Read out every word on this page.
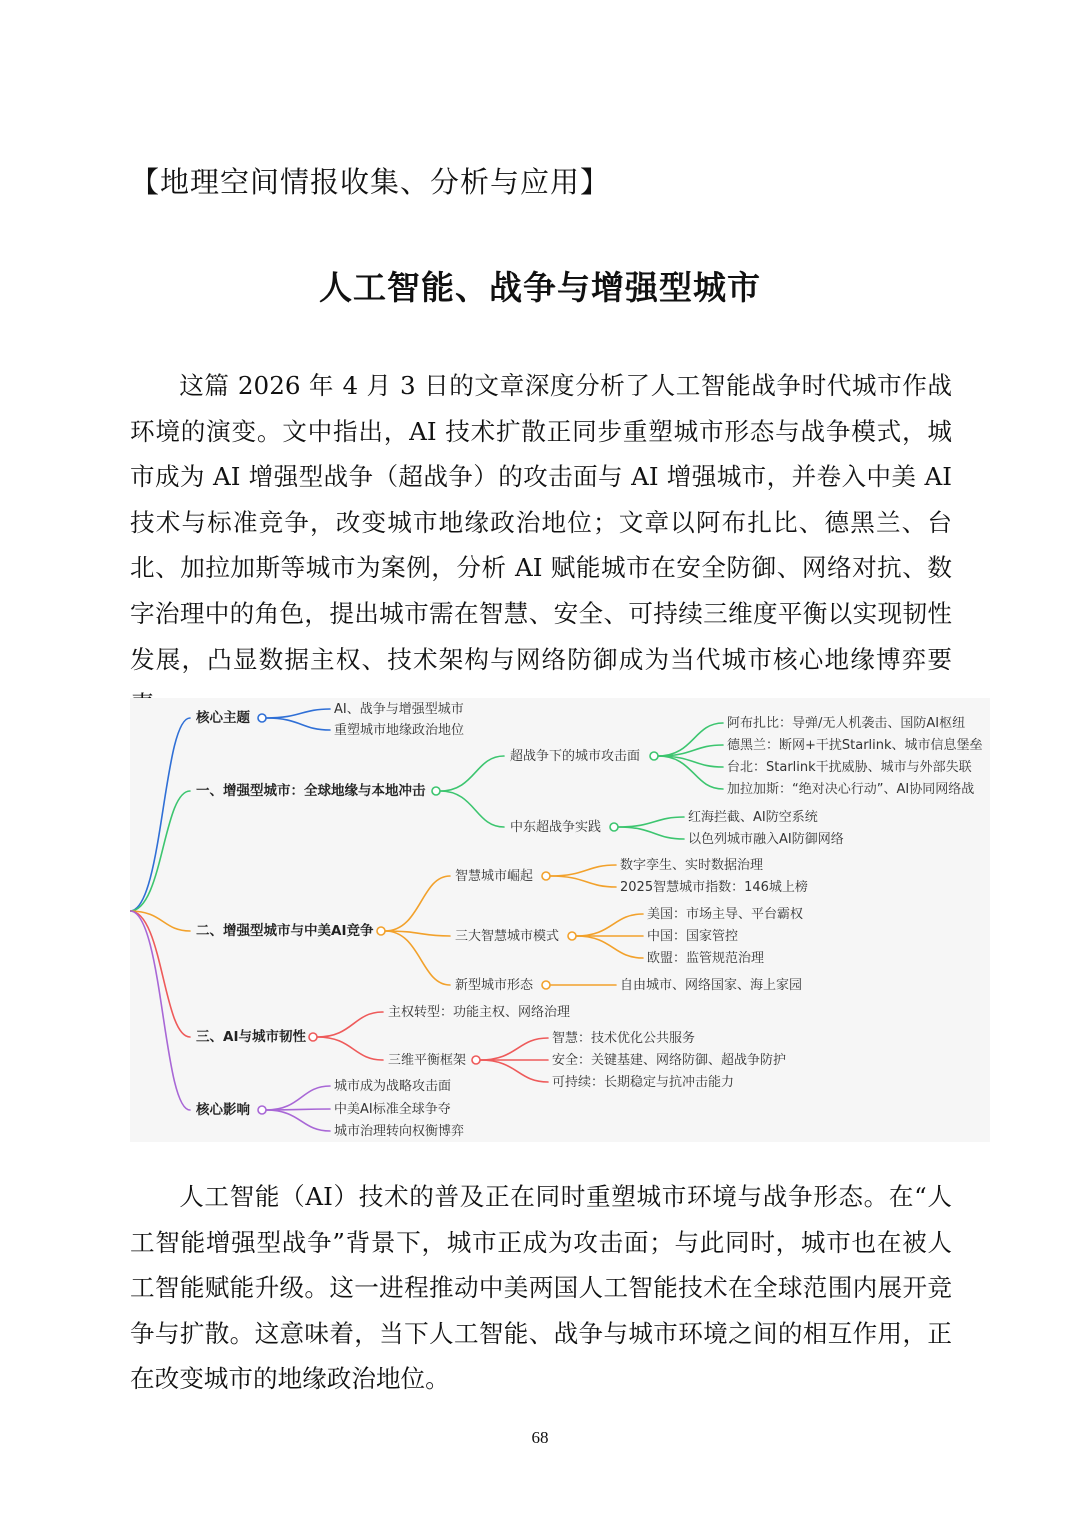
【地理空间情报收集、分析与应用】
人工智能、战争与增强型城市

这篇 2026 年 4 月 3 日的文章深度分析了人工智能战争时代城市作战环境的演变。文中指出，AI 技术扩散正同步重塑城市形态与战争模式，城市成为 AI 增强型战争（超战争）的攻击面与 AI 增强城市，并卷入中美 AI 技术与标准竞争，改变城市地缘政治地位；文章以阿布扎比、德黑兰、台北、加拉加斯等城市为案例，分析 AI 赋能城市在安全防御、网络对抗、数字治理中的角色，提出城市需在智慧、安全、可持续三维度平衡以实现韧性发展，凸显数据主权、技术架构与网络防御成为当代城市核心地缘博弈要

核心主题
AI、战争与增强型城市
重塑城市地缘政治地位
一、增强型城市：全球地缘与本地冲击
超战争下的城市攻击面
阿布扎比：导弹/无人机袭击、国防AI枢纽
德黑兰：断网+干扰Starlink、城市信息堡垒
台北：Starlink干扰威胁、城市与外部失联
加拉加斯：“绝对决心行动”、AI协同网络战
中东超战争实践
红海拦截、AI防空系统
以色列城市融入AI防御网络
二、增强型城市与中美AI竞争
智慧城市崛起
数字孪生、实时数据治理
2025智慧城市指数：146城上榜
三大智慧城市模式
美国：市场主导、平台霸权
中国：国家管控
欧盟：监管规范治理
新型城市形态	自由城市、网络国家、海上家园
三、AI与城市韧性
主权转型：功能主权、网络治理
三维平衡框架
智慧：技术优化公共服务
安全：关键基建、网络防御、超战争防护
可持续：长期稳定与抗冲击能力
核心影响
城市成为战略攻击面
中美AI标准全球争夺
城市治理转向权衡博弈

人工智能（AI）技术的普及正在同时重塑城市环境与战争形态。在“人工智能增强型战争”背景下，城市正成为攻击面；与此同时，城市也在被人工智能赋能升级。这一进程推动中美两国人工智能技术在全球范围内展开竞争与扩散。这意味着，当下人工智能、战争与城市环境之间的相互作用，正在改变城市的地缘政治地位。

68
